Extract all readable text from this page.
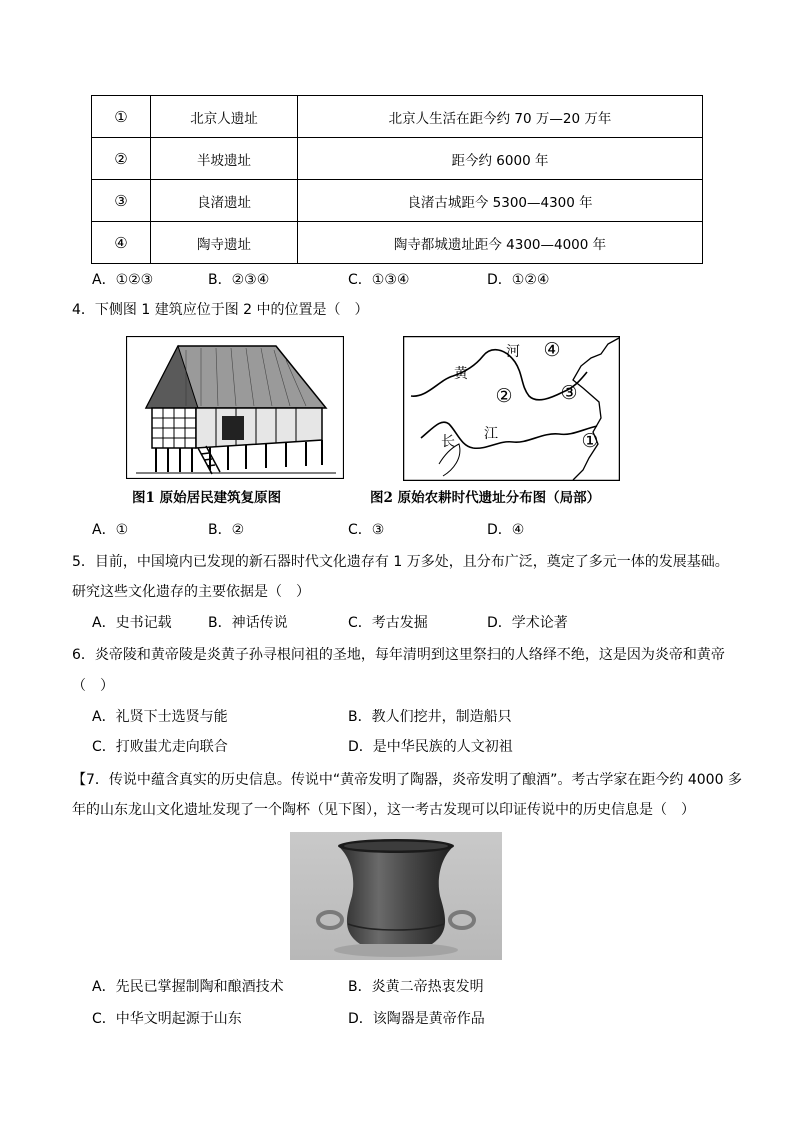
①	北京人遗址	北京人生活在距今约 70 万—20 万年
②	半坡遗址	距今约 6000 年
③	良渚遗址	良渚古城距今 5300—4300 年
④	陶寺遗址	陶寺都城遗址距今 4300—4000 年
A．①②③	B．②③④	C．①③④	D．①②④
4．下侧图 1 建筑应位于图 2 中的位置是（　）
黄
河
长 江
④
②	③
①
图1 原始居民建筑复原图	图2 原始农耕时代遗址分布图（局部）
A．①	B．②	C．③	D．④
5．目前，中国境内已发现的新石器时代文化遗存有 1 万多处，且分布广泛，奠定了多元一体的发展基础。
研究这些文化遗存的主要依据是（　）
A．史书记载	B．神话传说	C．考古发掘	D．学术论著
6．炎帝陵和黄帝陵是炎黄子孙寻根问祖的圣地，每年清明到这里祭扫的人络绎不绝，这是因为炎帝和黄帝
（　）
A．礼贤下士选贤与能	B．教人们挖井，制造船只
C．打败蚩尤走向联合	D．是中华民族的人文初祖
【7．传说中蕴含真实的历史信息。传说中“黄帝发明了陶器，炎帝发明了酿酒”。考古学家在距今约 4000 多
年的山东龙山文化遗址发现了一个陶杯（见下图），这一考古发现可以印证传说中的历史信息是（　）
A．先民已掌握制陶和酿酒技术	B．炎黄二帝热衷发明
C．中华文明起源于山东	D．该陶器是黄帝作品
